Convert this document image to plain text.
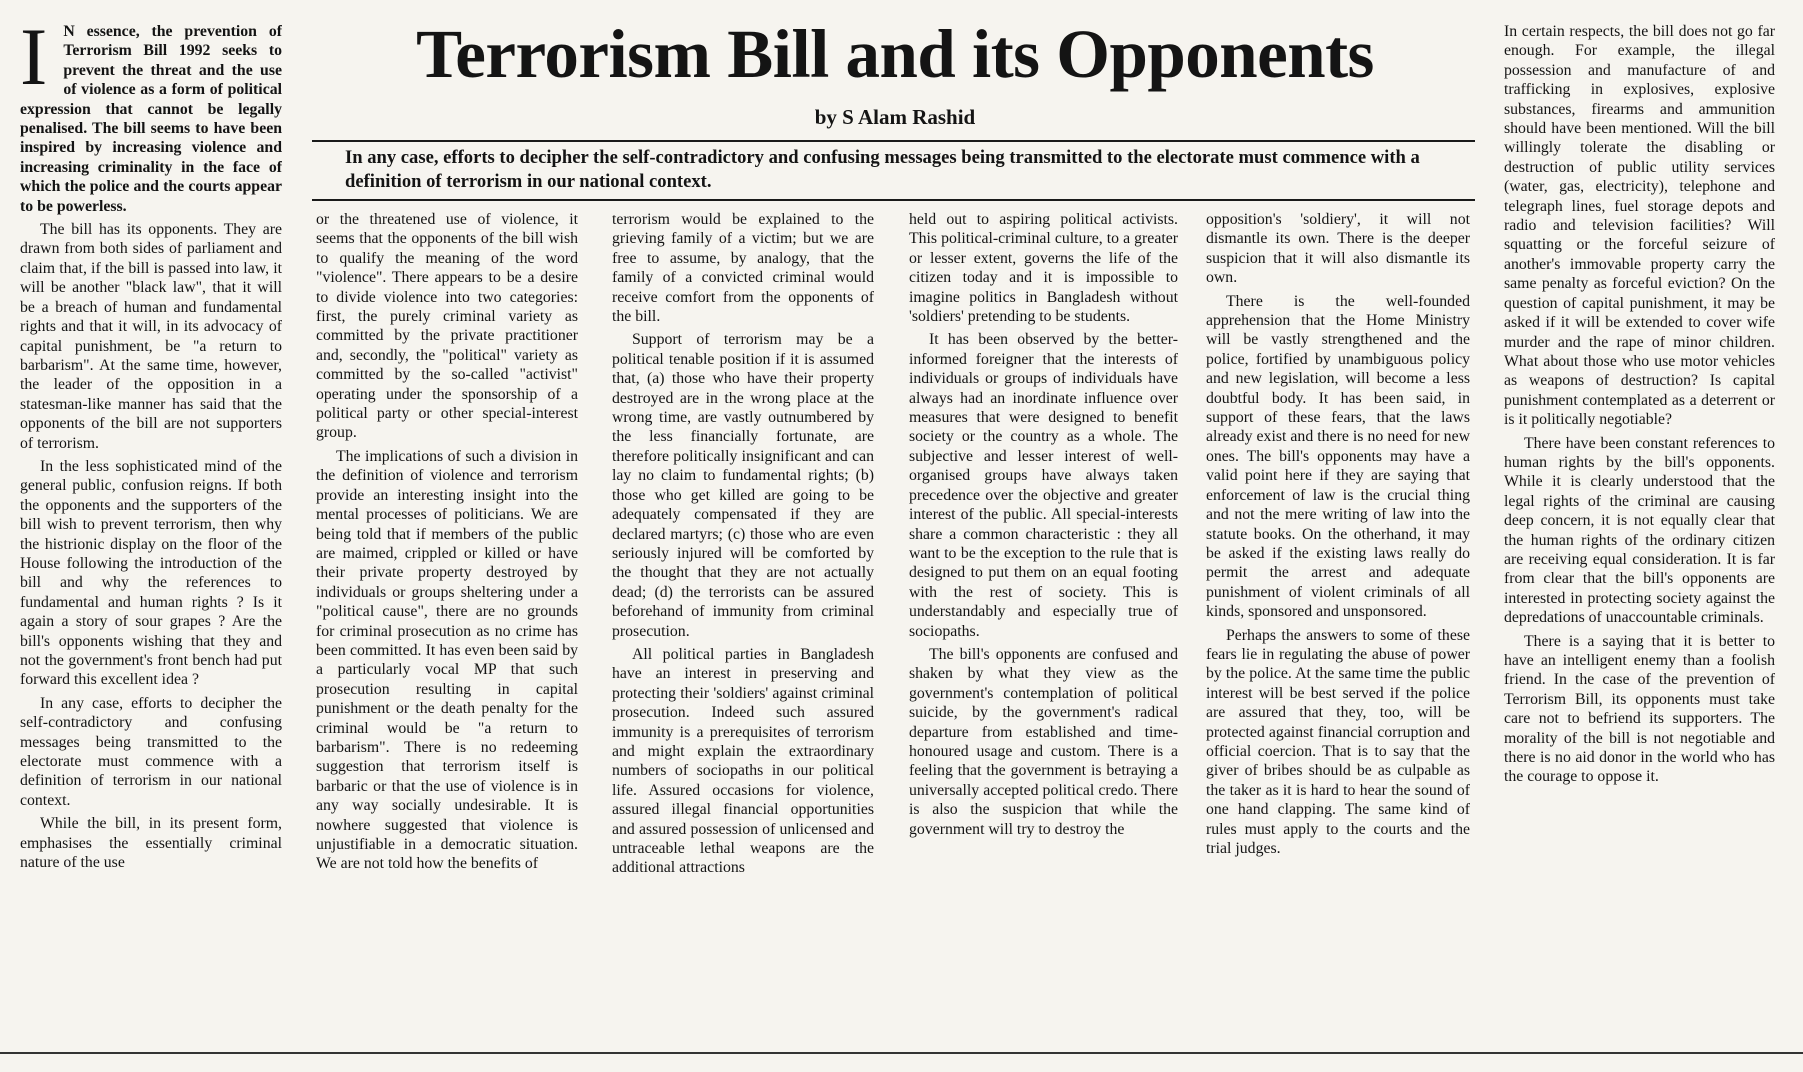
I N essence, the prevention of Terrorism Bill 1992 seeks to prevent the threat and the use of violence as a form of political expression that cannot be legally penalised. The bill seems to have been inspired by increasing violence and increasing criminality in the face of which the police and the courts appear to be powerless.

The bill has its opponents. They are drawn from both sides of parliament and claim that, if the bill is passed into law, it will be another "black law", that it will be a breach of human and fundamental rights and that it will, in its advocacy of capital punishment, be "a return to barbarism". At the same time, however, the leader of the opposition in a statesman-like manner has said that the opponents of the bill are not supporters of terrorism.

In the less sophisticated mind of the general public, confusion reigns. If both the opponents and the supporters of the bill wish to prevent terrorism, then why the histrionic display on the floor of the House following the introduction of the bill and why the references to fundamental and human rights ? Is it again a story of sour grapes ? Are the bill's opponents wishing that they and not the government's front bench had put forward this excellent idea ?

In any case, efforts to decipher the self-contradictory and confusing messages being transmitted to the electorate must commence with a definition of terrorism in our national context.

While the bill, in its present form, emphasises the essentially criminal nature of the use

Terrorism Bill and its Opponents
by S Alam Rashid
In any case, efforts to decipher the self-contradictory and confusing messages being transmitted to the electorate must commence with a definition of terrorism in our national context.

or the threatened use of violence, it seems that the opponents of the bill wish to qualify the meaning of the word "violence". There appears to be a desire to divide violence into two categories: first, the purely criminal variety as committed by the private practitioner and, secondly, the "political" variety as committed by the so-called "activist" operating under the sponsorship of a political party or other special-interest group.

The implications of such a division in the definition of violence and terrorism provide an interesting insight into the mental processes of politicians. We are being told that if members of the public are maimed, crippled or killed or have their private property destroyed by individuals or groups sheltering under a "political cause", there are no grounds for criminal prosecution as no crime has been committed. It has even been said by a particularly vocal MP that such prosecution resulting in capital punishment or the death penalty for the criminal would be "a return to barbarism". There is no redeeming suggestion that terrorism itself is barbaric or that the use of violence is in any way socially undesirable. It is nowhere suggested that violence is unjustifiable in a democratic situation. We are not told how the benefits of

terrorism would be explained to the grieving family of a victim; but we are free to assume, by analogy, that the family of a convicted criminal would receive comfort from the opponents of the bill.

Support of terrorism may be a political tenable position if it is assumed that, (a) those who have their property destroyed are in the wrong place at the wrong time, are vastly outnumbered by the less financially fortunate, are therefore politically insignificant and can lay no claim to fundamental rights; (b) those who get killed are going to be adequately compensated if they are declared martyrs; (c) those who are even seriously injured will be comforted by the thought that they are not actually dead; (d) the terrorists can be assured beforehand of immunity from criminal prosecution.

All political parties in Bangladesh have an interest in preserving and protecting their 'soldiers' against criminal prosecution. Indeed such assured immunity is a prerequisites of terrorism and might explain the extraordinary numbers of sociopaths in our political life. Assured occasions for violence, assured illegal financial opportunities and assured possession of unlicensed and untraceable lethal weapons are the additional attractions

held out to aspiring political activists. This political-criminal culture, to a greater or lesser extent, governs the life of the citizen today and it is impossible to imagine politics in Bangladesh without 'soldiers' pretending to be students.

It has been observed by the better-informed foreigner that the interests of individuals or groups of individuals have always had an inordinate influence over measures that were designed to benefit society or the country as a whole. The subjective and lesser interest of well-organised groups have always taken precedence over the objective and greater interest of the public. All special-interests share a common characteristic : they all want to be the exception to the rule that is designed to put them on an equal footing with the rest of society. This is understandably and especially true of sociopaths.

The bill's opponents are confused and shaken by what they view as the government's contemplation of political suicide, by the government's radical departure from established and time-honoured usage and custom. There is a feeling that the government is betraying a universally accepted political credo. There is also the suspicion that while the government will try to destroy the

opposition's 'soldiery', it will not dismantle its own. There is the deeper suspicion that it will also dismantle its own.

There is the well-founded apprehension that the Home Ministry will be vastly strengthened and the police, fortified by unambiguous policy and new legislation, will become a less doubtful body. It has been said, in support of these fears, that the laws already exist and there is no need for new ones. The bill's opponents may have a valid point here if they are saying that enforcement of law is the crucial thing and not the mere writing of law into the statute books. On the otherhand, it may be asked if the existing laws really do permit the arrest and adequate punishment of violent criminals of all kinds, sponsored and unsponsored.

Perhaps the answers to some of these fears lie in regulating the abuse of power by the police. At the same time the public interest will be best served if the police are assured that they, too, will be protected against financial corruption and official coercion. That is to say that the giver of bribes should be as culpable as the taker as it is hard to hear the sound of one hand clapping. The same kind of rules must apply to the courts and the trial judges.

In certain respects, the bill does not go far enough. For example, the illegal possession and manufacture of and trafficking in explosives, explosive substances, firearms and ammunition should have been mentioned. Will the bill willingly tolerate the disabling or destruction of public utility services (water, gas, electricity), telephone and telegraph lines, fuel storage depots and radio and television facilities? Will squatting or the forceful seizure of another's immovable property carry the same penalty as forceful eviction? On the question of capital punishment, it may be asked if it will be extended to cover wife murder and the rape of minor children. What about those who use motor vehicles as weapons of destruction? Is capital punishment contemplated as a deterrent or is it politically negotiable?

There have been constant references to human rights by the bill's opponents. While it is clearly understood that the legal rights of the criminal are causing deep concern, it is not equally clear that the human rights of the ordinary citizen are receiving equal consideration. It is far from clear that the bill's opponents are interested in protecting society against the depredations of unaccountable criminals.

There is a saying that it is better to have an intelligent enemy than a foolish friend. In the case of the prevention of Terrorism Bill, its opponents must take care not to befriend its supporters. The morality of the bill is not negotiable and there is no aid donor in the world who has the courage to oppose it.
